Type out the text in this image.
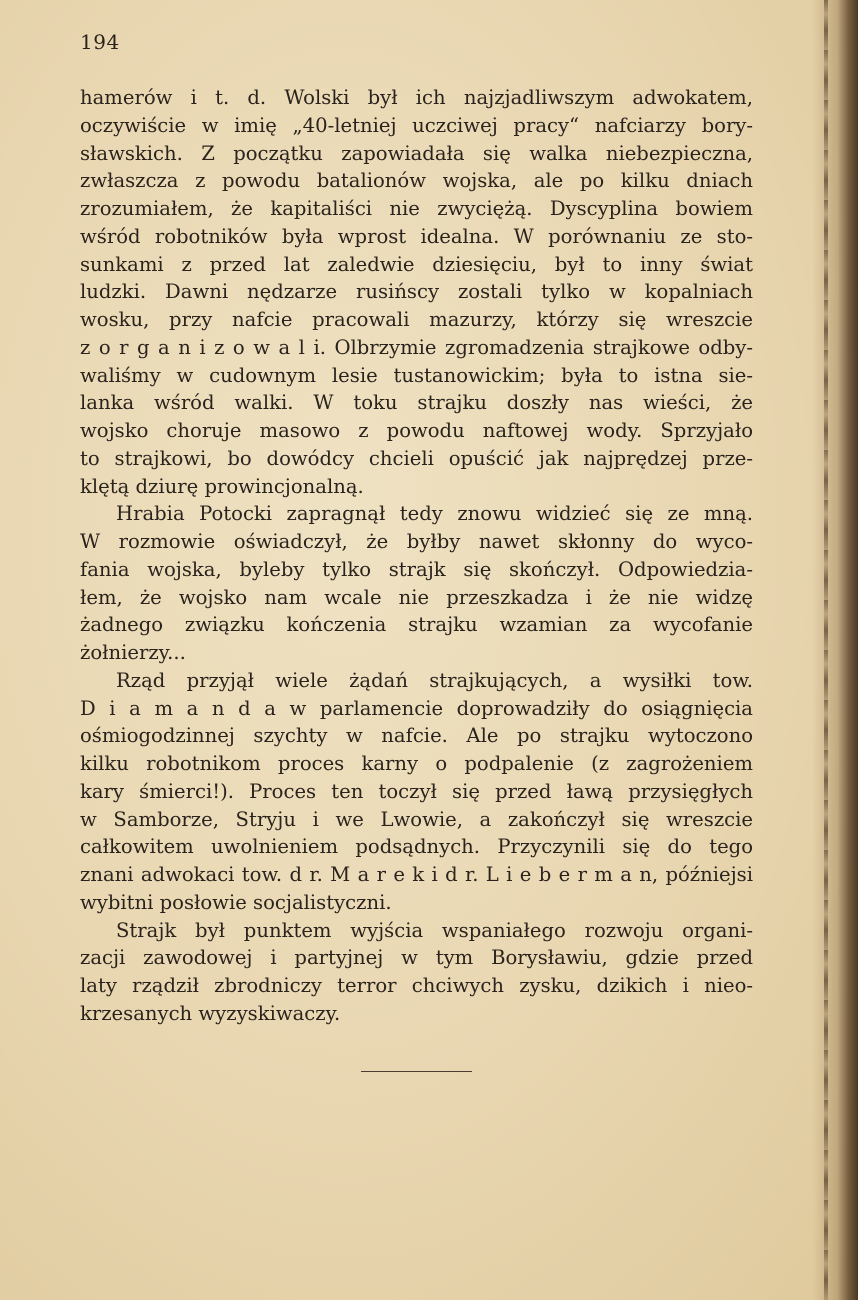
194
hamerów i t. d. Wolski był ich najzjadliwszym adwokatem,
oczywiście w imię „40-letniej uczciwej pracy“ nafciarzy bory-
sławskich. Z początku zapowiadała się walka niebezpieczna,
zwłaszcza z powodu batalionów wojska, ale po kilku dniach
zrozumiałem, że kapitaliści nie zwyciężą. Dyscyplina bowiem
wśród robotników była wprost idealna. W porównaniu ze sto-
sunkami z przed lat zaledwie dziesięciu, był to inny świat
ludzki. Dawni nędzarze rusińscy zostali tylko w kopalniach
wosku, przy nafcie pracowali mazurzy, którzy się wreszcie
z o r g a n i z o w a l i. Olbrzymie zgromadzenia strajkowe odby-
waliśmy w cudownym lesie tustanowickim; była to istna sie-
lanka wśród walki. W toku strajku doszły nas wieści, że
wojsko choruje masowo z powodu naftowej wody. Sprzyjało
to strajkowi, bo dowódcy chcieli opuścić jak najprędzej prze-
klętą dziurę prowincjonalną.
Hrabia Potocki zapragnął tedy znowu widzieć się ze mną.
W rozmowie oświadczył, że byłby nawet skłonny do wyco-
fania wojska, byleby tylko strajk się skończył. Odpowiedzia-
łem, że wojsko nam wcale nie przeszkadza i że nie widzę
żadnego związku kończenia strajku wzamian za wycofanie
żołnierzy...
Rząd przyjął wiele żądań strajkujących, a wysiłki tow.
D i a m a n d a w parlamencie doprowadziły do osiągnięcia
ośmiogodzinnej szychty w nafcie. Ale po strajku wytoczono
kilku robotnikom proces karny o podpalenie (z zagrożeniem
kary śmierci!). Proces ten toczył się przed ławą przysięgłych
w Samborze, Stryju i we Lwowie, a zakończył się wreszcie
całkowitem uwolnieniem podsądnych. Przyczynili się do tego
znani adwokaci tow. d r. M a r e k i d r. L i e b e r m a n, późniejsi
wybitni posłowie socjalistyczni.
Strajk był punktem wyjścia wspaniałego rozwoju organi-
zacji zawodowej i partyjnej w tym Borysławiu, gdzie przed
laty rządził zbrodniczy terror chciwych zysku, dzikich i nieo-
krzesanych wyzyskiwaczy.
